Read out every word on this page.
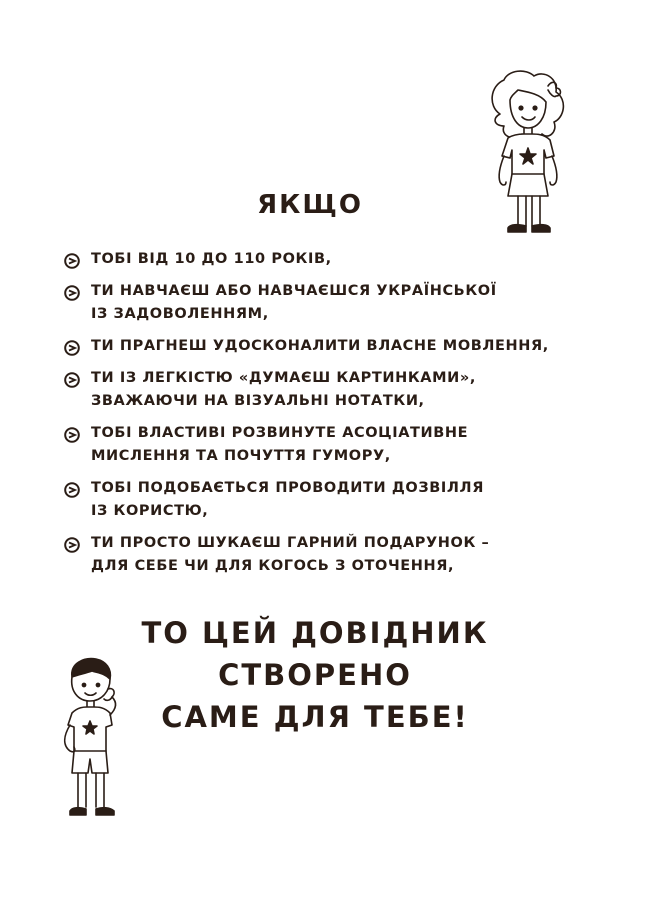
ЯКЩО
ТОБІ ВІД 10 ДО 110 РОКІВ,
ТИ НАВЧАЄШ АБО НАВЧАЄШСЯ УКРАЇНСЬКОЇ
ІЗ ЗАДОВОЛЕННЯМ,
ТИ ПРАГНЕШ УДОСКОНАЛИТИ ВЛАСНЕ МОВЛЕННЯ,
ТИ ІЗ ЛЕГКІСТЮ «ДУМАЄШ КАРТИНКАМИ»,
ЗВАЖАЮЧИ НА ВІЗУАЛЬНІ НОТАТКИ,
ТОБІ ВЛАСТИВІ РОЗВИНУТЕ АСОЦІАТИВНЕ
МИСЛЕННЯ ТА ПОЧУТТЯ ГУМОРУ,
ТОБІ ПОДОБАЄТЬСЯ ПРОВОДИТИ ДОЗВІЛЛЯ
ІЗ КОРИСТЮ,
ТИ ПРОСТО ШУКАЄШ ГАРНИЙ ПОДАРУНОК –
ДЛЯ СЕБЕ ЧИ ДЛЯ КОГОСЬ З ОТОЧЕННЯ,
ТО ЦЕЙ ДОВІДНИК
СТВОРЕНО
САМЕ ДЛЯ ТЕБЕ!
